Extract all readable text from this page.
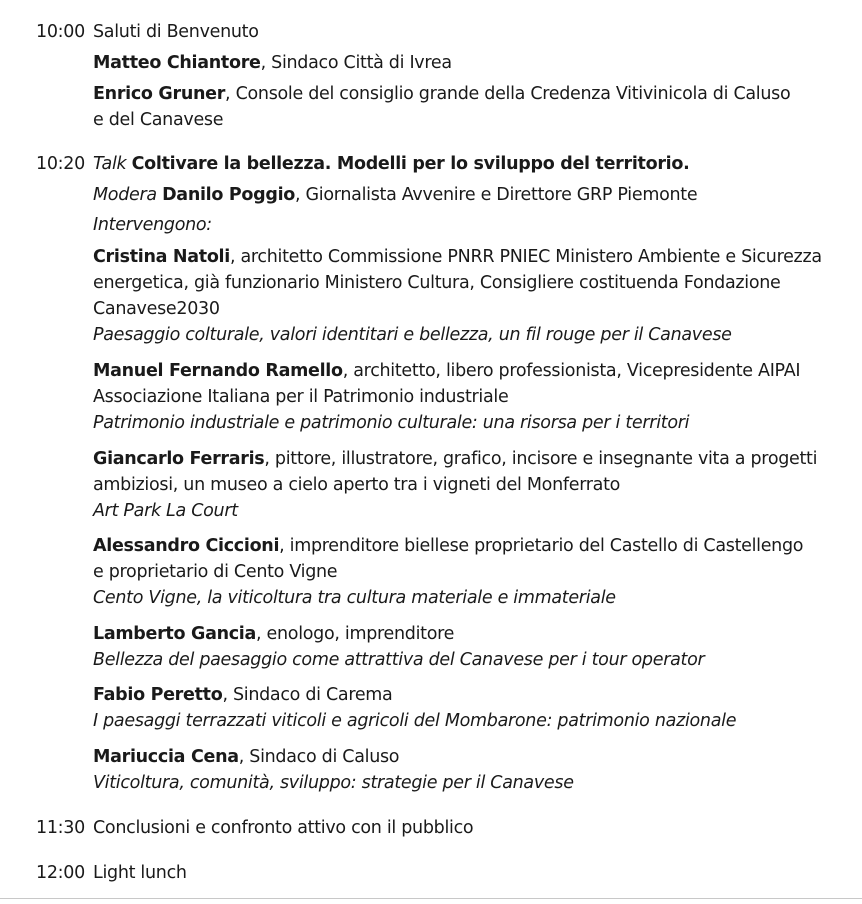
10:00 Saluti di Benvenuto
Matteo Chiantore, Sindaco Città di Ivrea
Enrico Gruner, Console del consiglio grande della Credenza Vitivinicola di Caluso
e del Canavese
10:20 Talk Coltivare la bellezza. Modelli per lo sviluppo del territorio.
Modera Danilo Poggio, Giornalista Avvenire e Direttore GRP Piemonte
Intervengono:
Cristina Natoli, architetto Commissione PNRR PNIEC Ministero Ambiente e Sicurezza
energetica, già funzionario Ministero Cultura, Consigliere costituenda Fondazione
Canavese2030
Paesaggio colturale, valori identitari e bellezza, un fil rouge per il Canavese
Manuel Fernando Ramello, architetto, libero professionista, Vicepresidente AIPAI
Associazione Italiana per il Patrimonio industriale
Patrimonio industriale e patrimonio culturale: una risorsa per i territori
Giancarlo Ferraris, pittore, illustratore, grafico, incisore e insegnante vita a progetti
ambiziosi, un museo a cielo aperto tra i vigneti del Monferrato
Art Park La Court
Alessandro Ciccioni, imprenditore biellese proprietario del Castello di Castellengo
e proprietario di Cento Vigne
Cento Vigne, la viticoltura tra cultura materiale e immateriale
Lamberto Gancia, enologo, imprenditore
Bellezza del paesaggio come attrattiva del Canavese per i tour operator
Fabio Peretto, Sindaco di Carema
I paesaggi terrazzati viticoli e agricoli del Mombarone: patrimonio nazionale
Mariuccia Cena, Sindaco di Caluso
Viticoltura, comunità, sviluppo: strategie per il Canavese
11:30 Conclusioni e confronto attivo con il pubblico
12:00 Light lunch
